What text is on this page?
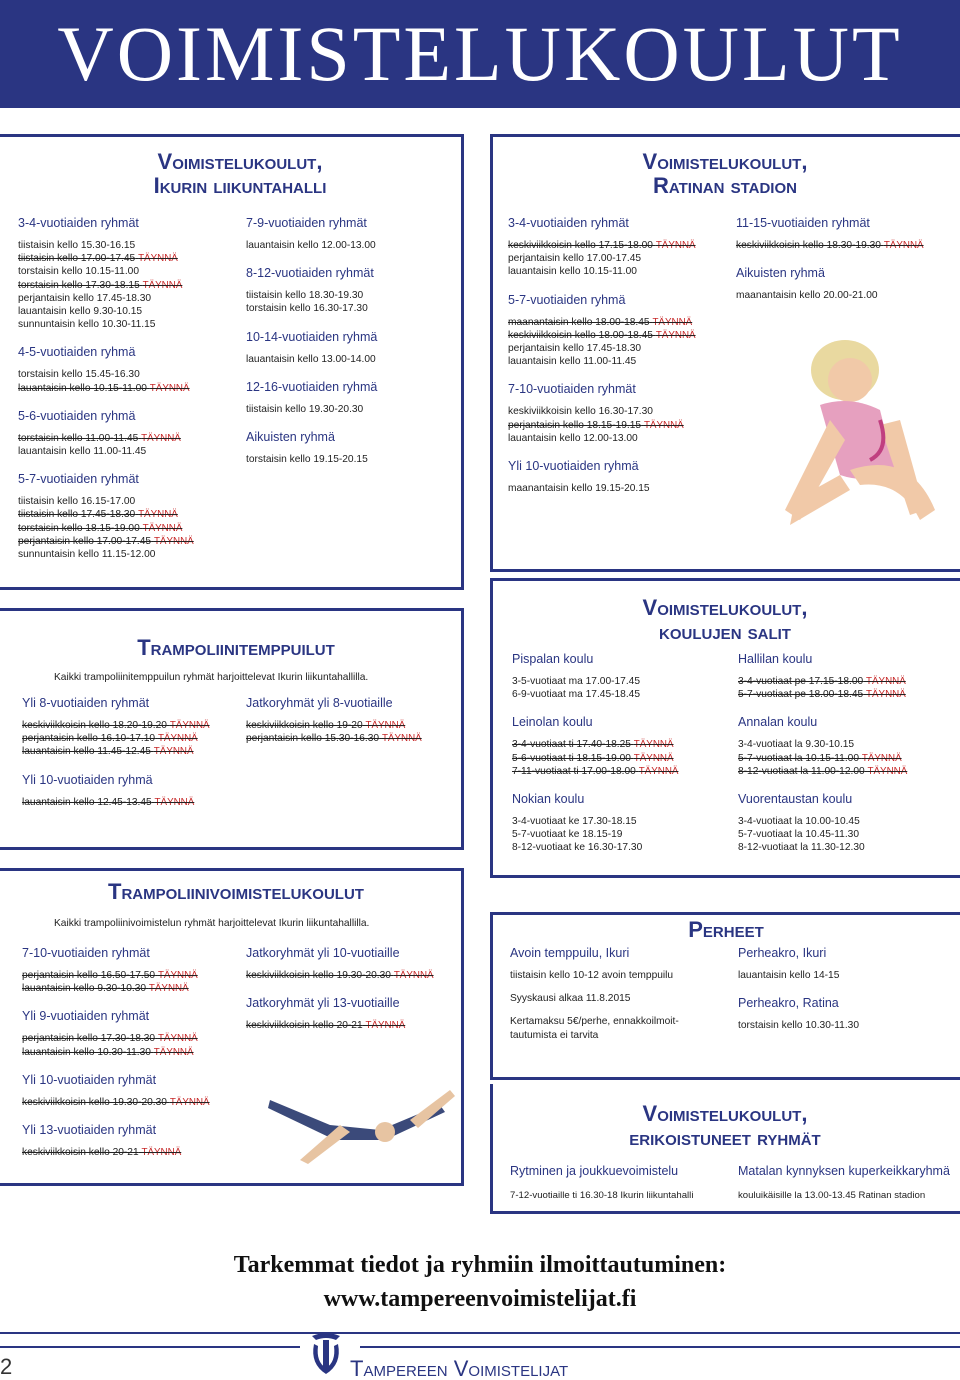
VOIMISTELUKOULUT
Voimistelukoulut,
Ikurin liikuntahalli
3-4-vuotiaiden ryhmät
tiistaisin kello 15.30-16.15
tiistaisin kello 17.00-17.45 TÄYNNÄ
torstaisin kello 10.15-11.00
torstaisin kello 17.30-18.15 TÄYNNÄ
perjantaisin kello 17.45-18.30
lauantaisin kello 9.30-10.15
sunnuntaisin kello 10.30-11.15
4-5-vuotiaiden ryhmä
torstaisin kello 15.45-16.30
lauantaisin kello 10.15-11.00 TÄYNNÄ
5-6-vuotiaiden ryhmä
torstaisin kello 11.00-11.45 TÄYNNÄ
lauantaisin kello 11.00-11.45
5-7-vuotiaiden ryhmät
tiistaisin kello 16.15-17.00
tiistaisin kello 17.45-18.30 TÄYNNÄ
torstaisin kello 18.15-19.00 TÄYNNÄ
perjantaisin kello 17.00-17.45 TÄYNNÄ
sunnuntaisin kello 11.15-12.00
7-9-vuotiaiden ryhmät
lauantaisin kello 12.00-13.00
8-12-vuotiaiden ryhmät
tiistaisin kello 18.30-19.30
torstaisin kello 16.30-17.30
10-14-vuotiaiden ryhmä
lauantaisin kello 13.00-14.00
12-16-vuotiaiden ryhmä
tiistaisin kello 19.30-20.30
Aikuisten ryhmä
torstaisin kello 19.15-20.15
Voimistelukoulut,
Ratinan stadion
3-4-vuotiaiden ryhmät
keskiviikkoisin kello 17.15-18.00 TÄYNNÄ
perjantaisin kello 17.00-17.45
lauantaisin kello 10.15-11.00
5-7-vuotiaiden ryhmä
maanantaisin kello 18.00-18.45 TÄYNNÄ
keskiviikkoisin kello 18.00-18.45 TÄYNNÄ
perjantaisin kello 17.45-18.30
lauantaisin kello 11.00-11.45
7-10-vuotiaiden ryhmät
keskiviikkoisin kello 16.30-17.30
perjantaisin kello 18.15-19.15 TÄYNNÄ
lauantaisin kello 12.00-13.00
Yli 10-vuotiaiden ryhmä
maanantaisin kello 19.15-20.15
11-15-vuotiaiden ryhmät
keskiviikkoisin kello 18.30-19.30 TÄYNNÄ
Aikuisten ryhmä
maanantaisin kello 20.00-21.00
Trampoliinitemppuilut
Kaikki trampoliinitemppuilun ryhmät harjoittelevat Ikurin liikuntahallilla.
Yli 8-vuotiaiden ryhmät
keskiviikkoisin kello 18.20-19.20 TÄYNNÄ
perjantaisin kello 16.10-17.10 TÄYNNÄ
lauantaisin kello 11.45-12.45 TÄYNNÄ
Yli 10-vuotiaiden ryhmä
lauantaisin kello 12.45-13.45 TÄYNNÄ
Jatkoryhmät yli 8-vuotiaille
keskiviikkoisin kello 19-20 TÄYNNÄ
perjantaisin kello 15.30-16.30 TÄYNNÄ
Voimistelukoulut,
koulujen salit
Pispalan koulu
3-5-vuotiaat ma 17.00-17.45
6-9-vuotiaat ma 17.45-18.45
Leinolan koulu
3-4-vuotiaat ti 17.40-18.25 TÄYNNÄ
5-6-vuotiaat ti 18.15-19.00 TÄYNNÄ
7-11-vuotiaat ti 17.00-18.00 TÄYNNÄ
Nokian koulu
3-4-vuotiaat ke 17.30-18.15
5-7-vuotiaat ke 18.15-19
8-12-vuotiaat ke 16.30-17.30
Hallilan koulu
3-4-vuotiaat pe 17.15-18.00 TÄYNNÄ
5-7-vuotiaat pe 18.00-18.45 TÄYNNÄ
Annalan koulu
3-4-vuotiaat la 9.30-10.15
5-7-vuotiaat la 10.15-11.00 TÄYNNÄ
8-12-vuotiaat la 11.00-12.00 TÄYNNÄ
Vuorentaustan koulu
3-4-vuotiaat la 10.00-10.45
5-7-vuotiaat la 10.45-11.30
8-12-vuotiaat la 11.30-12.30
Trampoliinivoimistelukoulut
Kaikki trampoliinivoimistelun ryhmät harjoittelevat Ikurin liikuntahallilla.
7-10-vuotiaiden ryhmät
perjantaisin kello 16.50-17.50 TÄYNNÄ
lauantaisin kello 9.30-10.30 TÄYNNÄ
Yli 9-vuotiaiden ryhmät
perjantaisin kello 17.30-18.30 TÄYNNÄ
lauantaisin kello 10.30-11.30 TÄYNNÄ
Yli 10-vuotiaiden ryhmät
keskiviikkoisin kello 19.30-20.30 TÄYNNÄ
Yli 13-vuotiaiden ryhmät
keskiviikkoisin kello 20-21 TÄYNNÄ
Jatkoryhmät yli 10-vuotiaille
keskiviikkoisin kello 19.30-20.30 TÄYNNÄ
Jatkoryhmät yli 13-vuotiaille
keskiviikkoisin kello 20-21 TÄYNNÄ
Perheet
Avoin temppuilu, Ikuri
tiistaisin kello 10-12 avoin temppuilu
Syyskausi alkaa 11.8.2015
Kertamaksu 5€/perhe, ennakkoilmoit-
tautumista ei tarvita
Perheakro, Ikuri
lauantaisin kello 14-15
Perheakro, Ratina
torstaisin kello 10.30-11.30
Voimistelukoulut,
erikoistuneet ryhmät
Rytminen ja joukkuevoimistelu
7-12-vuotiaille ti 16.30-18 Ikurin liikuntahalli
Matalan kynnyksen kuperkeikkaryhmä
kouluikäisille la 13.00-13.45 Ratinan stadion
Tarkemmat tiedot ja ryhmiin ilmoittautuminen:
www.tampereenvoimistelijat.fi
2	Tampereen Voimistelijat
